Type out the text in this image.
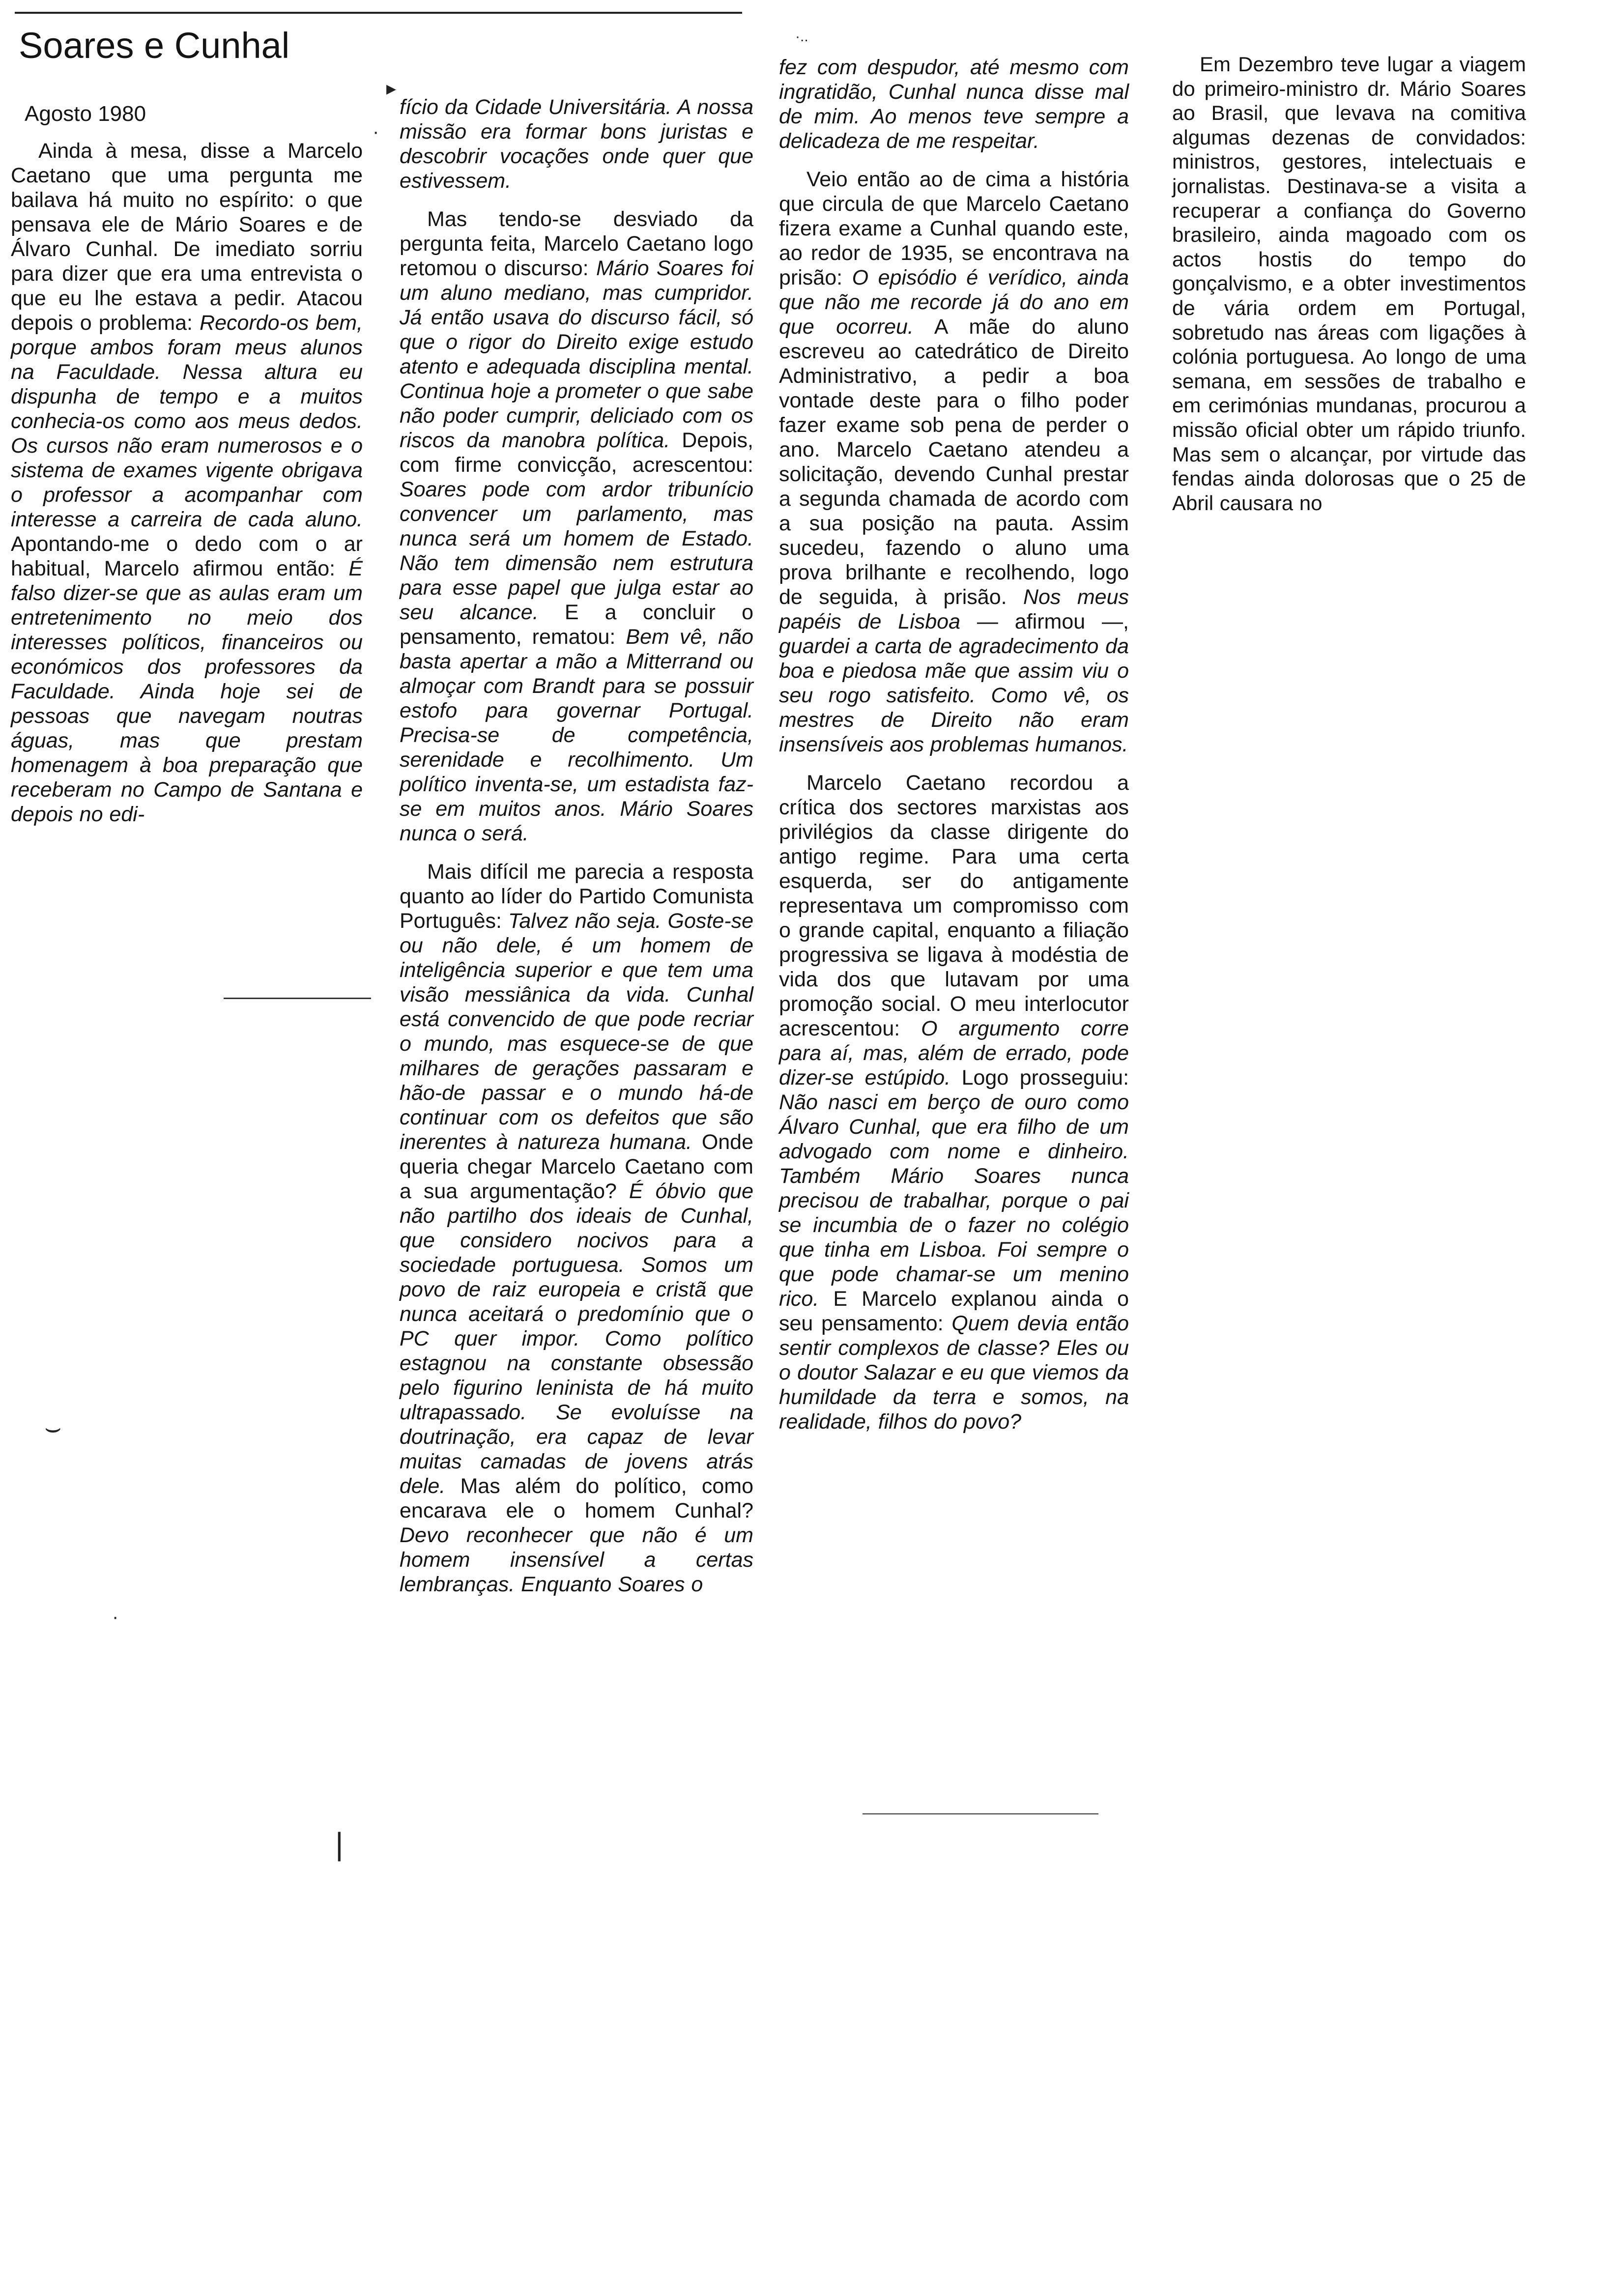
Soares e Cunhal
Agosto 1980

Ainda à mesa, disse a Marcelo Caetano que uma pergunta me bailava há muito no espírito: o que pensava ele de Mário Soares e de Álvaro Cunhal. De imediato sorriu para dizer que era uma entrevista o que eu lhe estava a pedir. Atacou depois o problema: Recordo-os bem, porque ambos foram meus alunos na Faculdade. Nessa altura eu dispunha de tempo e a muitos conhecia-os como aos meus dedos. Os cursos não eram numerosos e o sistema de exames vigente obrigava o professor a acompanhar com interesse a carreira de cada aluno. Apontando-me o dedo com o ar habitual, Marcelo afirmou então: É falso dizer-se que as aulas eram um entretenimento no meio dos interesses políticos, financeiros ou económicos dos professores da Faculdade. Ainda hoje sei de pessoas que navegam noutras águas, mas que prestam homenagem à boa preparação que receberam no Campo de Santana e depois no edi-

fício da Cidade Universitária. A nossa missão era formar bons juristas e descobrir vocações onde quer que estivessem.

Mas tendo-se desviado da pergunta feita, Marcelo Caetano logo retomou o discurso: Mário Soares foi um aluno mediano, mas cumpridor. Já então usava do discurso fácil, só que o rigor do Direito exige estudo atento e adequada disciplina mental. Continua hoje a prometer o que sabe não poder cumprir, deliciado com os riscos da manobra política. Depois, com firme convicção, acrescentou: Soares pode com ardor tribunício convencer um parlamento, mas nunca será um homem de Estado. Não tem dimensão nem estrutura para esse papel que julga estar ao seu alcance. E a concluir o pensamento, rematou: Bem vê, não basta apertar a mão a Mitterrand ou almoçar com Brandt para se possuir estofo para governar Portugal. Precisa-se de competência, serenidade e recolhimento. Um político inventa-se, um estadista faz-se em muitos anos. Mário Soares nunca o será.

Mais difícil me parecia a resposta quanto ao líder do Partido Comunista Português: Talvez não seja. Goste-se ou não dele, é um homem de inteligência superior e que tem uma visão messiânica da vida. Cunhal está convencido de que pode recriar o mundo, mas esquece-se de que milhares de gerações passaram e hão-de passar e o mundo há-de continuar com os defeitos que são inerentes à natureza humana. Onde queria chegar Marcelo Caetano com a sua argumentação? É óbvio que não partilho dos ideais de Cunhal, que considero nocivos para a sociedade portuguesa. Somos um povo de raiz europeia e cristã que nunca aceitará o predomínio que o PC quer impor. Como político estagnou na constante obsessão pelo figurino leninista de há muito ultrapassado. Se evoluísse na doutrinação, era capaz de levar muitas camadas de jovens atrás dele. Mas além do político, como encarava ele o homem Cunhal? Devo reconhecer que não é um homem insensível a certas lembranças. Enquanto Soares o

fez com despudor, até mesmo com ingratidão, Cunhal nunca disse mal de mim. Ao menos teve sempre a delicadeza de me respeitar.

Veio então ao de cima a história que circula de que Marcelo Caetano fizera exame a Cunhal quando este, ao redor de 1935, se encontrava na prisão: O episódio é verídico, ainda que não me recorde já do ano em que ocorreu. A mãe do aluno escreveu ao catedrático de Direito Administrativo, a pedir a boa vontade deste para o filho poder fazer exame sob pena de perder o ano. Marcelo Caetano atendeu a solicitação, devendo Cunhal prestar a segunda chamada de acordo com a sua posição na pauta. Assim sucedeu, fazendo o aluno uma prova brilhante e recolhendo, logo de seguida, à prisão. Nos meus papéis de Lisboa — afirmou —, guardei a carta de agradecimento da boa e piedosa mãe que assim viu o seu rogo satisfeito. Como vê, os mestres de Direito não eram insensíveis aos problemas humanos.

Marcelo Caetano recordou a crítica dos sectores marxistas aos privilégios da classe dirigente do antigo regime. Para uma certa esquerda, ser do antigamente representava um compromisso com o grande capital, enquanto a filiação progressiva se ligava à modéstia de vida dos que lutavam por uma promoção social. O meu interlocutor acrescentou: O argumento corre para aí, mas, além de errado, pode dizer-se estúpido. Logo prosseguiu: Não nasci em berço de ouro como Álvaro Cunhal, que era filho de um advogado com nome e dinheiro. Também Mário Soares nunca precisou de trabalhar, porque o pai se incumbia de o fazer no colégio que tinha em Lisboa. Foi sempre o que pode chamar-se um menino rico. E Marcelo explanou ainda o seu pensamento: Quem devia então sentir complexos de classe? Eles ou o doutor Salazar e eu que viemos da humildade da terra e somos, na realidade, filhos do povo?

Em Dezembro teve lugar a viagem do primeiro-ministro dr. Mário Soares ao Brasil, que levava na comitiva algumas dezenas de convidados: ministros, gestores, intelectuais e jornalistas. Destinava-se a visita a recuperar a confiança do Governo brasileiro, ainda magoado com os actos hostis do tempo do gonçalvismo, e a obter investimentos de vária ordem em Portugal, sobretudo nas áreas com ligações à colónia portuguesa. Ao longo de uma semana, em sessões de trabalho e em cerimónias mundanas, procurou a missão oficial obter um rápido triunfo. Mas sem o alcançar, por virtude das fendas ainda dolorosas que o 25 de Abril causara no

·
▸
⌣
·
|
·..
